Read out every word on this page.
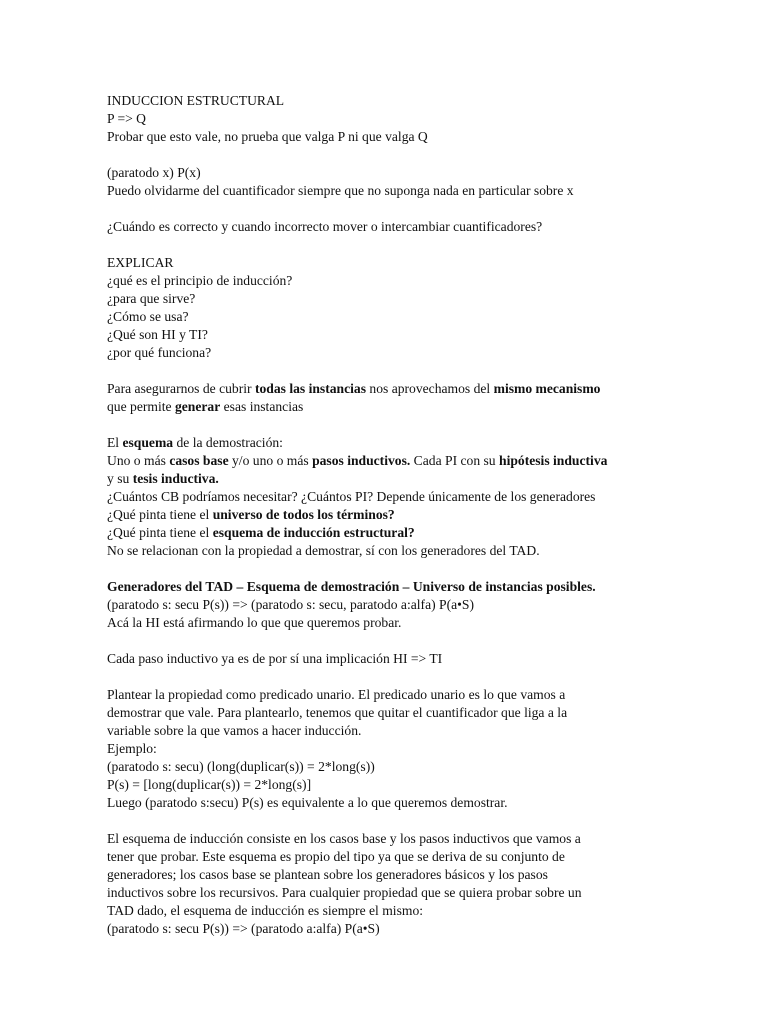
INDUCCION ESTRUCTURAL
P => Q
Probar que esto vale, no prueba que valga P ni que valga Q
(paratodo x) P(x)
Puedo olvidarme del cuantificador siempre que no suponga nada en particular sobre x
¿Cuándo es correcto y cuando incorrecto mover o intercambiar cuantificadores?
EXPLICAR
¿qué es el principio de inducción?
¿para que sirve?
¿Cómo se usa?
¿Qué son HI y TI?
¿por qué funciona?
Para asegurarnos de cubrir todas las instancias nos aprovechamos del mismo mecanismo
que permite generar esas instancias
El esquema de la demostración:
Uno o más casos base y/o uno o más pasos inductivos. Cada PI con su hipótesis inductiva
y su tesis inductiva.
¿Cuántos CB podríamos necesitar? ¿Cuántos PI? Depende únicamente de los generadores
¿Qué pinta tiene el universo de todos los términos?
¿Qué pinta tiene el esquema de inducción estructural?
No se relacionan con la propiedad a demostrar, sí con los generadores del TAD.
Generadores del TAD – Esquema de demostración – Universo de instancias posibles.
(paratodo s: secu P(s)) => (paratodo s: secu, paratodo a:alfa) P(a•S)
Acá la HI está afirmando lo que que queremos probar.
Cada paso inductivo ya es de por sí una implicación HI => TI
Plantear la propiedad como predicado unario. El predicado unario es lo que vamos a
demostrar que vale. Para plantearlo, tenemos que quitar el cuantificador que liga a la
variable sobre la que vamos a hacer inducción.
Ejemplo:
(paratodo s: secu) (long(duplicar(s)) = 2*long(s))
P(s) = [long(duplicar(s)) = 2*long(s)]
Luego (paratodo s:secu) P(s) es equivalente a lo que queremos demostrar.
El esquema de inducción consiste en los casos base y los pasos inductivos que vamos a
tener que probar. Este esquema es propio del tipo ya que se deriva de su conjunto de
generadores; los casos base se plantean sobre los generadores básicos y los pasos
inductivos sobre los recursivos. Para cualquier propiedad que se quiera probar sobre un
TAD dado, el esquema de inducción es siempre el mismo:
(paratodo s: secu P(s)) => (paratodo a:alfa) P(a•S)
